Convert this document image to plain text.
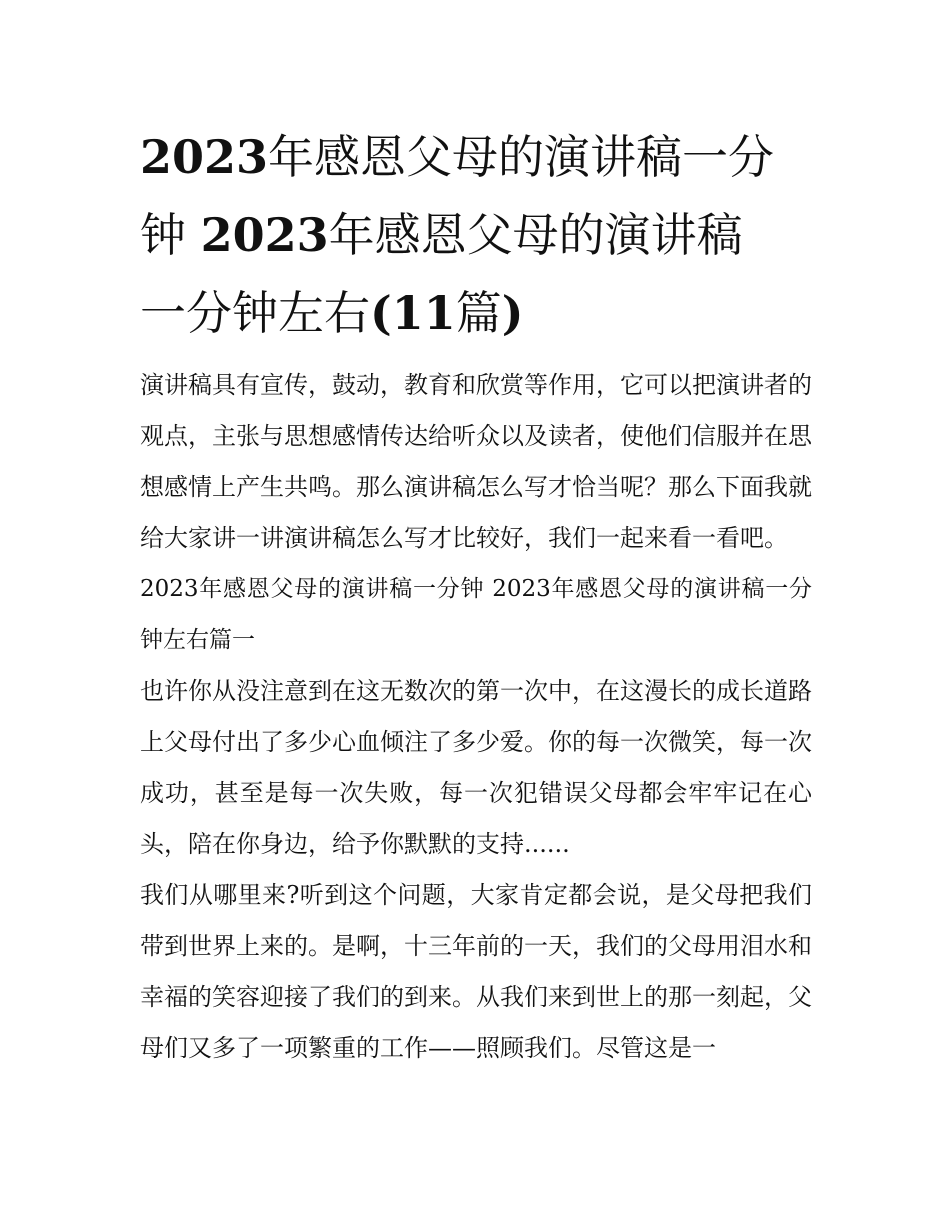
2023年感恩父母的演讲稿一分
钟 2023年感恩父母的演讲稿
一分钟左右(11篇)

演讲稿具有宣传，鼓动，教育和欣赏等作用，它可以把演讲者的观点，主张与思想感情传达给听众以及读者，使他们信服并在思想感情上产生共鸣。那么演讲稿怎么写才恰当呢？那么下面我就给大家讲一讲演讲稿怎么写才比较好，我们一起来看一看吧。

2023年感恩父母的演讲稿一分钟 2023年感恩父母的演讲稿一分钟左右篇一

也许你从没注意到在这无数次的第一次中，在这漫长的成长道路上父母付出了多少心血倾注了多少爱。你的每一次微笑，每一次成功，甚至是每一次失败，每一次犯错误父母都会牢牢记在心头，陪在你身边，给予你默默的支持......

我们从哪里来?听到这个问题，大家肯定都会说，是父母把我们带到世界上来的。是啊，十三年前的一天，我们的父母用泪水和幸福的笑容迎接了我们的到来。从我们来到世上的那一刻起，父母们又多了一项繁重的工作——照顾我们。尽管这是一
